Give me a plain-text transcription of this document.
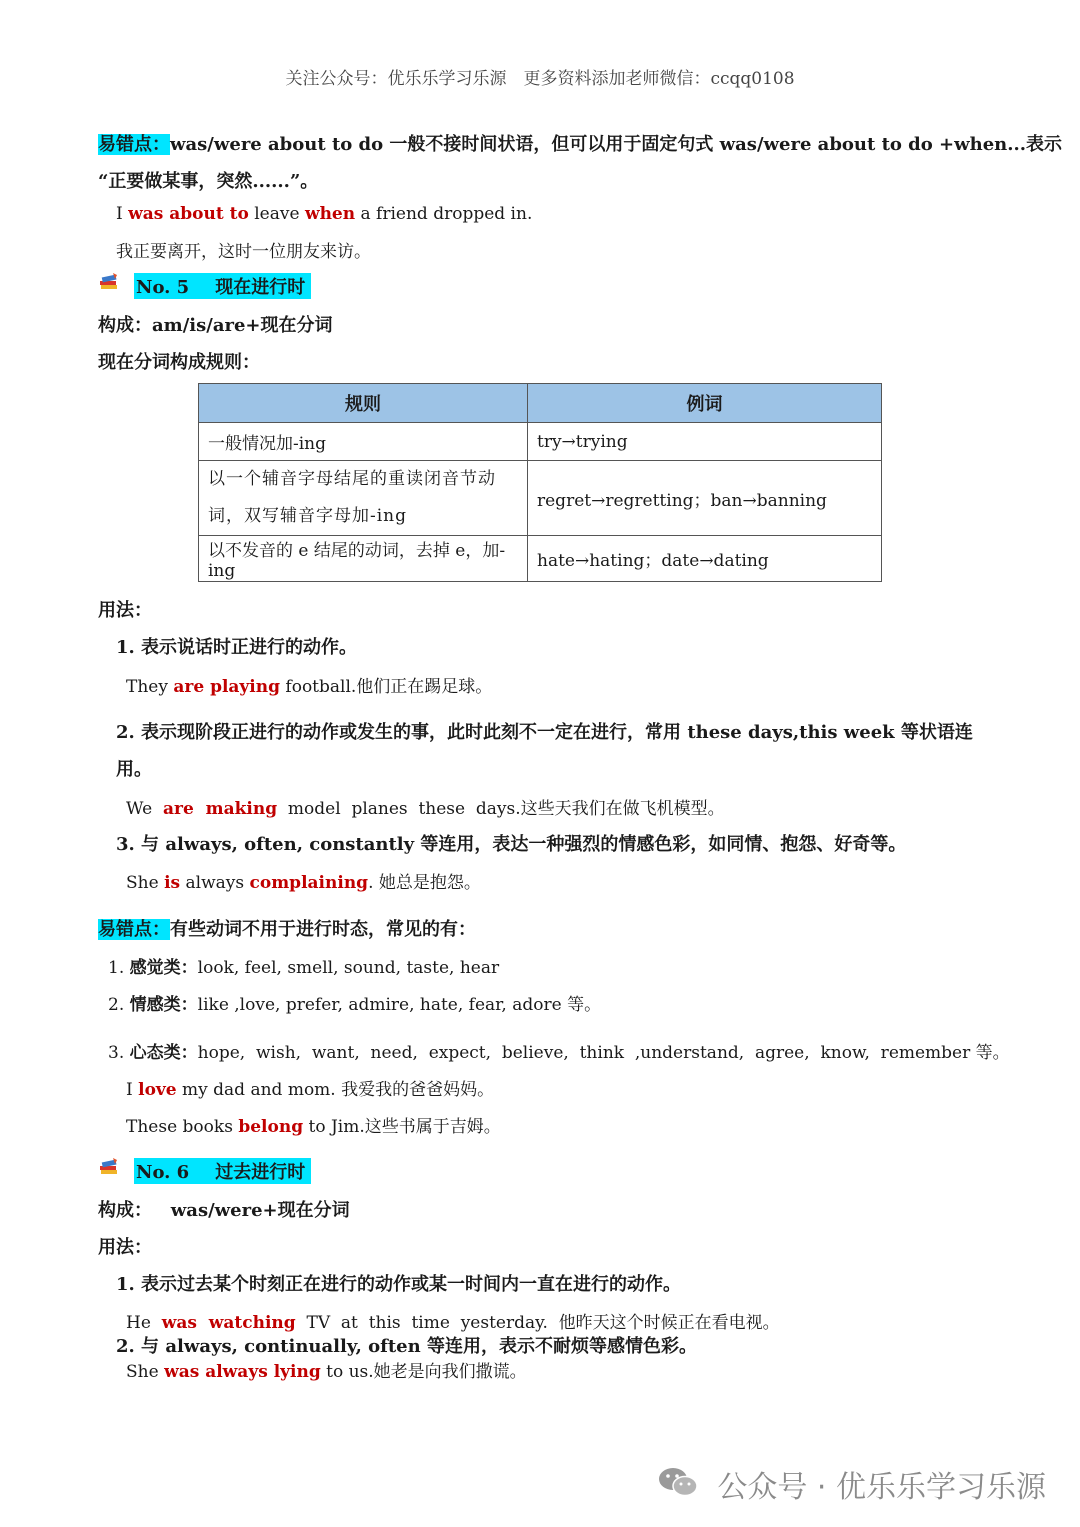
关注公众号：优乐乐学习乐源　更多资料添加老师微信：ccqq0108
易错点：was/were about to do 一般不接时间状语，但可以用于固定句式 was/were about to do +when...表示
“正要做某事，突然......”。
I was about to leave when a friend dropped in.
我正要离开，这时一位朋友来访。
No. 5 现在进行时
构成：am/is/are+现在分词
现在分词构成规则：
规则	例词
一般情况加-ing	try→trying
以一个辅音字母结尾的重读闭音节动词，双写辅音字母加-ing	regret→regretting；ban→banning
以不发音的 e 结尾的动词，去掉 e，加-ing	hate→hating；date→dating
用法：
1. 表示说话时正进行的动作。
They are playing football.他们正在踢足球。
2. 表示现阶段正进行的动作或发生的事，此时此刻不一定在进行，常用 these days,this week 等状语连
用。
We  are  making  model  planes  these  days.这些天我们在做飞机模型。
3. 与 always, often, constantly 等连用，表达一种强烈的情感色彩，如同情、抱怨、好奇等。
She is always complaining. 她总是抱怨。
易错点：有些动词不用于进行时态，常见的有：
1. 感觉类：look, feel, smell, sound, taste, hear
2. 情感类：like ,love, prefer, admire, hate, fear, adore 等。
3. 心态类：hope,  wish,  want,  need,  expect,  believe,  think  ,understand,  agree,  know,  remember 等。
I love my dad and mom. 我爱我的爸爸妈妈。
These books belong to Jim.这些书属于吉姆。
No. 6 过去进行时
构成：   was/were+现在分词
用法：
1. 表示过去某个时刻正在进行的动作或某一时间内一直在进行的动作。
He  was  watching  TV  at  this  time  yesterday.  他昨天这个时候正在看电视。
2. 与 always, continually, often 等连用，表示不耐烦等感情色彩。
She was always lying to us.她老是向我们撒谎。
公众号 · 优乐乐学习乐源
